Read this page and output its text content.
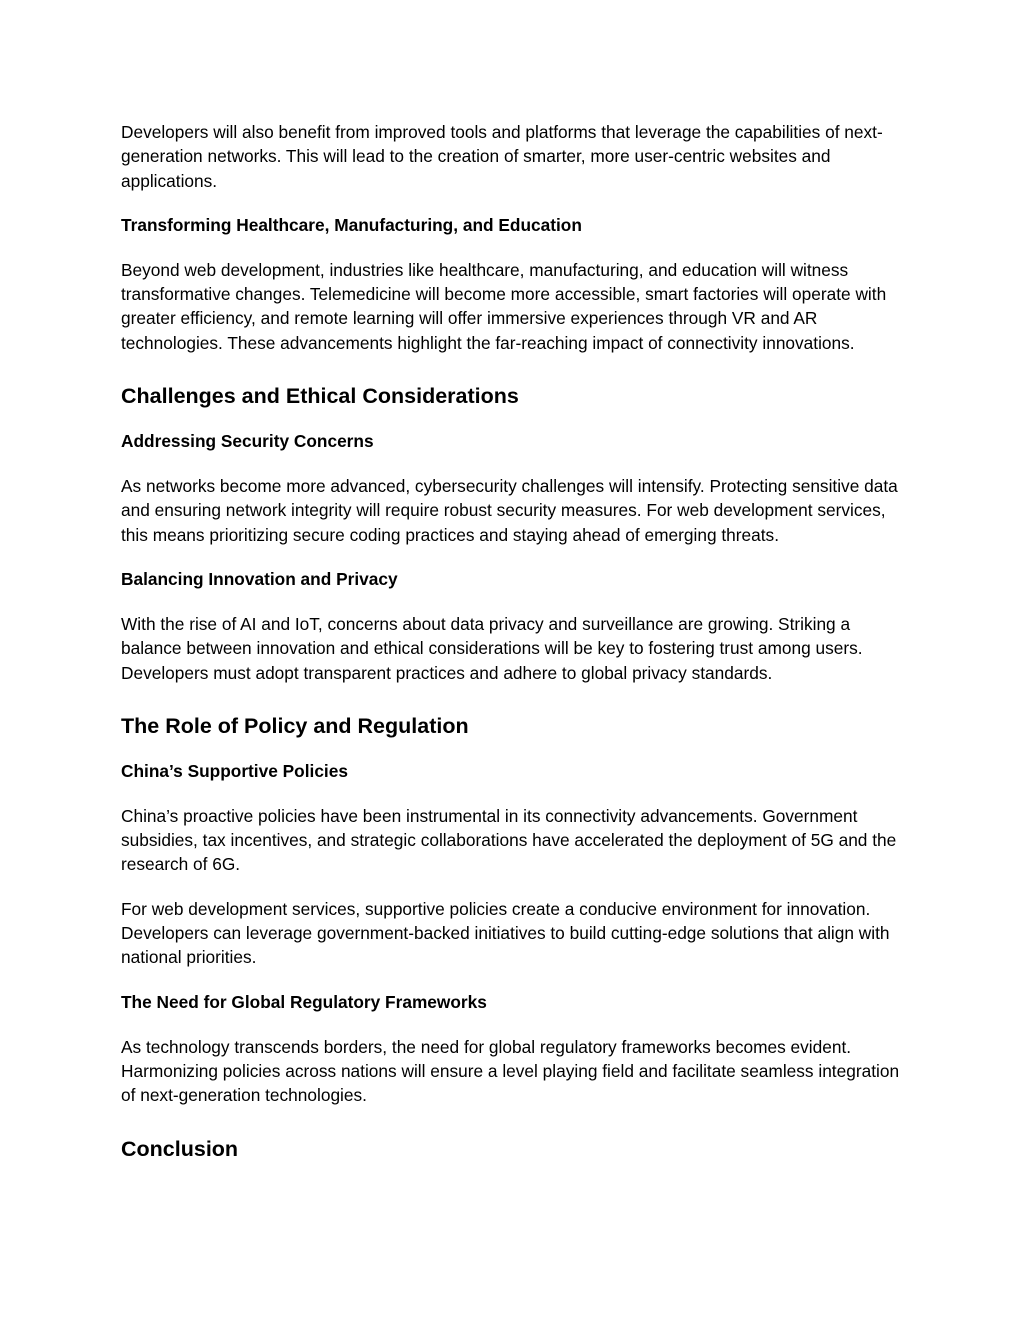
Developers will also benefit from improved tools and platforms that leverage the capabilities of next-generation networks. This will lead to the creation of smarter, more user-centric websites and applications.

Transforming Healthcare, Manufacturing, and Education

Beyond web development, industries like healthcare, manufacturing, and education will witness transformative changes. Telemedicine will become more accessible, smart factories will operate with greater efficiency, and remote learning will offer immersive experiences through VR and AR technologies. These advancements highlight the far-reaching impact of connectivity innovations.

Challenges and Ethical Considerations

Addressing Security Concerns

As networks become more advanced, cybersecurity challenges will intensify. Protecting sensitive data and ensuring network integrity will require robust security measures. For web development services, this means prioritizing secure coding practices and staying ahead of emerging threats.

Balancing Innovation and Privacy

With the rise of AI and IoT, concerns about data privacy and surveillance are growing. Striking a balance between innovation and ethical considerations will be key to fostering trust among users. Developers must adopt transparent practices and adhere to global privacy standards.

The Role of Policy and Regulation

China’s Supportive Policies

China’s proactive policies have been instrumental in its connectivity advancements. Government subsidies, tax incentives, and strategic collaborations have accelerated the deployment of 5G and the research of 6G.

For web development services, supportive policies create a conducive environment for innovation. Developers can leverage government-backed initiatives to build cutting-edge solutions that align with national priorities.

The Need for Global Regulatory Frameworks

As technology transcends borders, the need for global regulatory frameworks becomes evident. Harmonizing policies across nations will ensure a level playing field and facilitate seamless integration of next-generation technologies.

Conclusion
